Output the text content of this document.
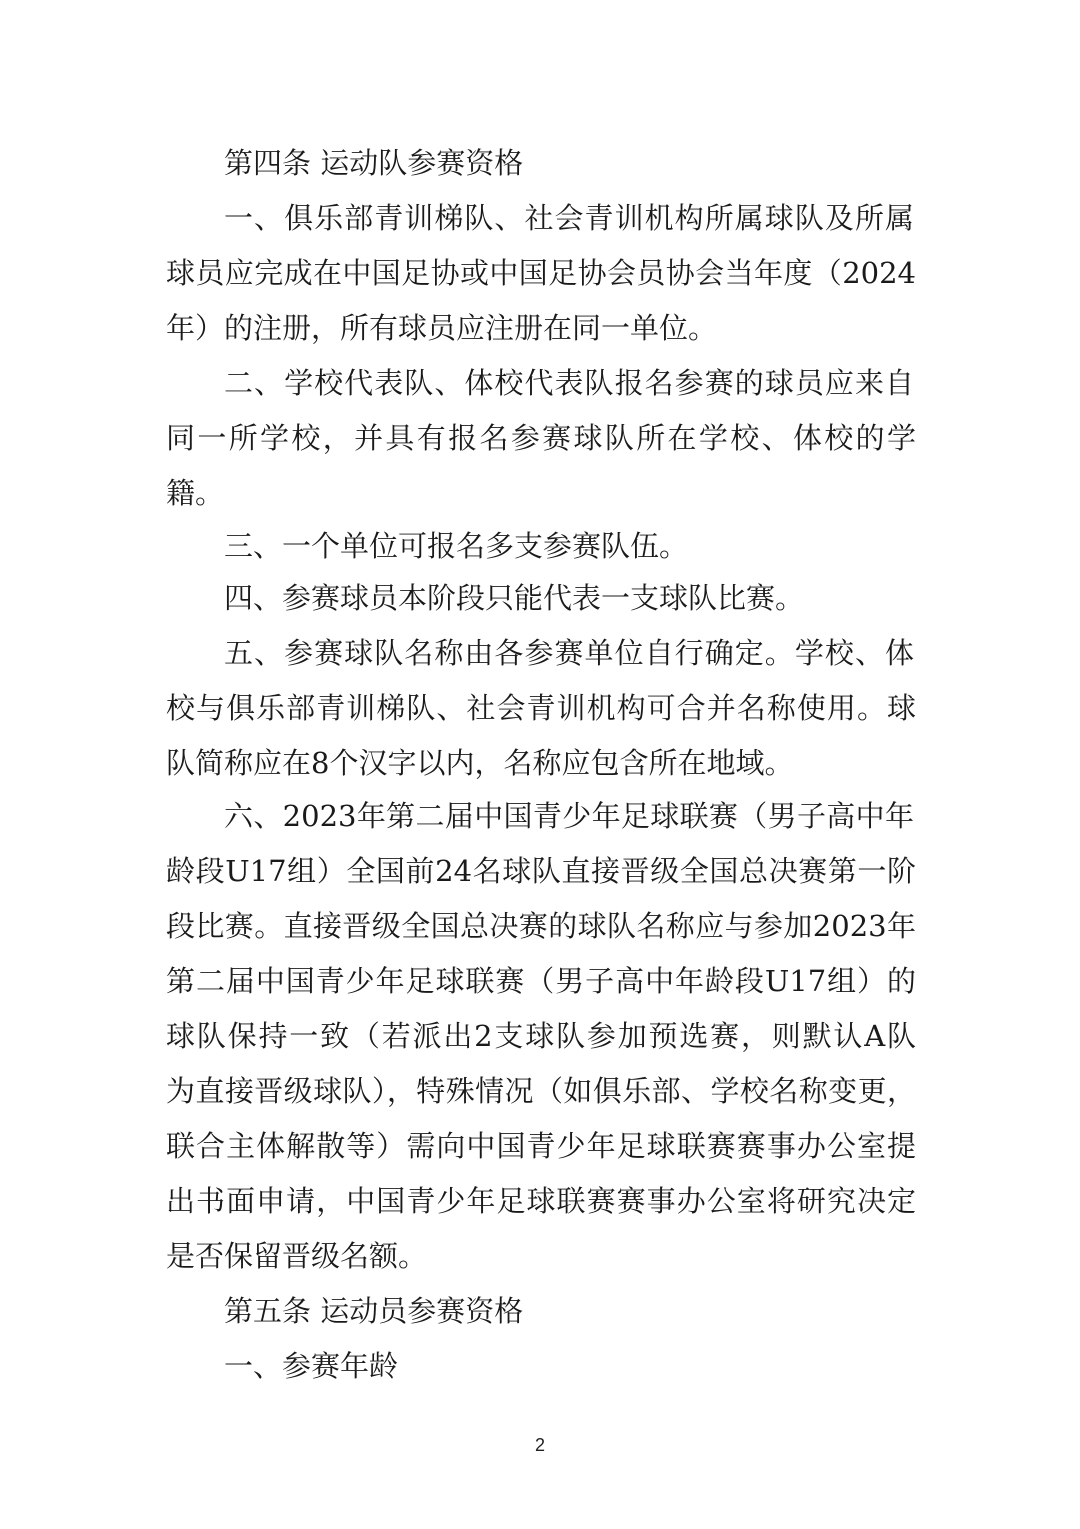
第四条 运动队参赛资格
一、俱乐部青训梯队、社会青训机构所属球队及所属
球员应完成在中国足协或中国足协会员协会当年度（2024
年）的注册，所有球员应注册在同一单位。
二、学校代表队、体校代表队报名参赛的球员应来自
同一所学校，并具有报名参赛球队所在学校、体校的学
籍。
三、一个单位可报名多支参赛队伍。
四、参赛球员本阶段只能代表一支球队比赛。
五、参赛球队名称由各参赛单位自行确定。学校、体
校与俱乐部青训梯队、社会青训机构可合并名称使用。球
队简称应在8个汉字以内，名称应包含所在地域。
六、2023年第二届中国青少年足球联赛（男子高中年
龄段U17组）全国前24名球队直接晋级全国总决赛第一阶
段比赛。直接晋级全国总决赛的球队名称应与参加2023年
第二届中国青少年足球联赛（男子高中年龄段U17组）的
球队保持一致（若派出2支球队参加预选赛，则默认A队
为直接晋级球队），特殊情况（如俱乐部、学校名称变更，
联合主体解散等）需向中国青少年足球联赛赛事办公室提
出书面申请，中国青少年足球联赛赛事办公室将研究决定
是否保留晋级名额。
第五条 运动员参赛资格
一、参赛年龄
2
